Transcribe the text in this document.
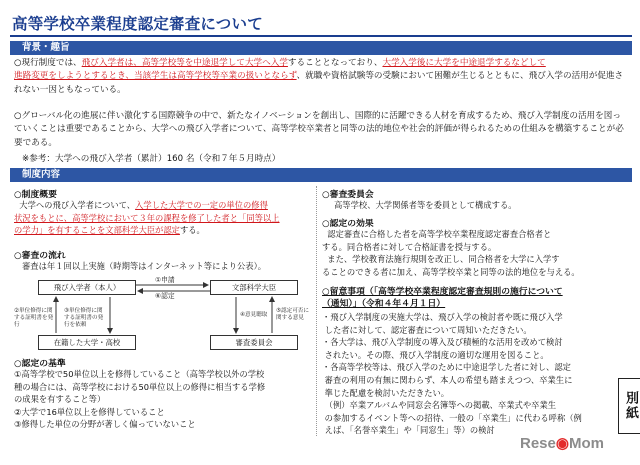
高等学校卒業程度認定審査について
背景・趣旨
○現行制度では、飛び入学者は、高等学校等を中途退学して大学へ入学することとなっており、大学入学後に大学を中途退学するなどして
進路変更をしようとするとき、当該学生は高等学校等卒業の扱いとならず、就職や資格試験等の受験において困難が生じるとともに、飛び入学の活用が促進されない一因ともなっている。
○グローバル化の進展に伴い激化する国際競争の中で、新たなイノベーションを創出し、国際的に活躍できる人材を育成するため、飛び入学制度の活用を図っていくことは重要であることから、大学への飛び入学者について、高等学校卒業者と同等の法的地位や社会的評価が得られるための仕組みを構築することが必要である。
※参考：大学への飛び入学者（累計）160 名（令和７年５月時点）
制度内容
○制度概要
大学への飛び入学者について、入学した大学での一定の単位の修得
状況をもとに、高等学校において３年の課程を修了した者と「同等以上
の学力」を有することを文部科学大臣が認定する。
○審査の流れ
審査は年１回以上実施（時期等はインターネット等により公表）。
飛び入学者（本人）	文部科学大臣
在籍した大学・高校	審査委員会
①申請
⑥認定
②単位修得に関する証明書を発行
③単位修得に関する証明書の発行を依頼
④意見聴取
⑤認定可否に関する意見
○認定の基準
①高等学校で50単位以上を修得していること（高等学校以外の学校
種の場合には、高等学校における50単位以上の修得に相当する学修
の成果を有すること等）
②大学で16単位以上を修得していること
③修得した単位の分野が著しく偏っていないこと
○審査委員会
高等学校、大学関係者等を委員として構成する。
○認定の効果
認定審査に合格した者を高等学校卒業程度認定審査合格者と
する。同合格者に対して合格証書を授与する。
また、学校教育法施行規則を改正し、同合格者を大学に入学す
ることのできる者に加え、高等学校卒業と同等の法的地位を与える。
○留意事項（「高等学校卒業程度認定審査規則の施行について
（通知）」（令和４年４月１日）
・飛び入学制度の実施大学は、飛び入学の検討者や既に飛び入学
した者に対して、認定審査について周知いただきたい。
・各大学は、飛び入学制度の導入及び積極的な活用を改めて検討
されたい。その際、飛び入学制度の適切な運用を図ること。
・各高等学校等は、飛び入学のために中途退学した者に対し、認定
審査の利用の有無に関わらず、本人の希望も踏まえつつ、卒業生に
準じた配慮を検討いただきたい。
（例）卒業アルバムや同窓会名簿等への掲載、卒業式や卒業生
の参加するイベント等への招待、一般の「卒業生」に代わる呼称（例
えば、「名誉卒業生」や「同窓生」等）の検討
別紙
Rese◉Mom
